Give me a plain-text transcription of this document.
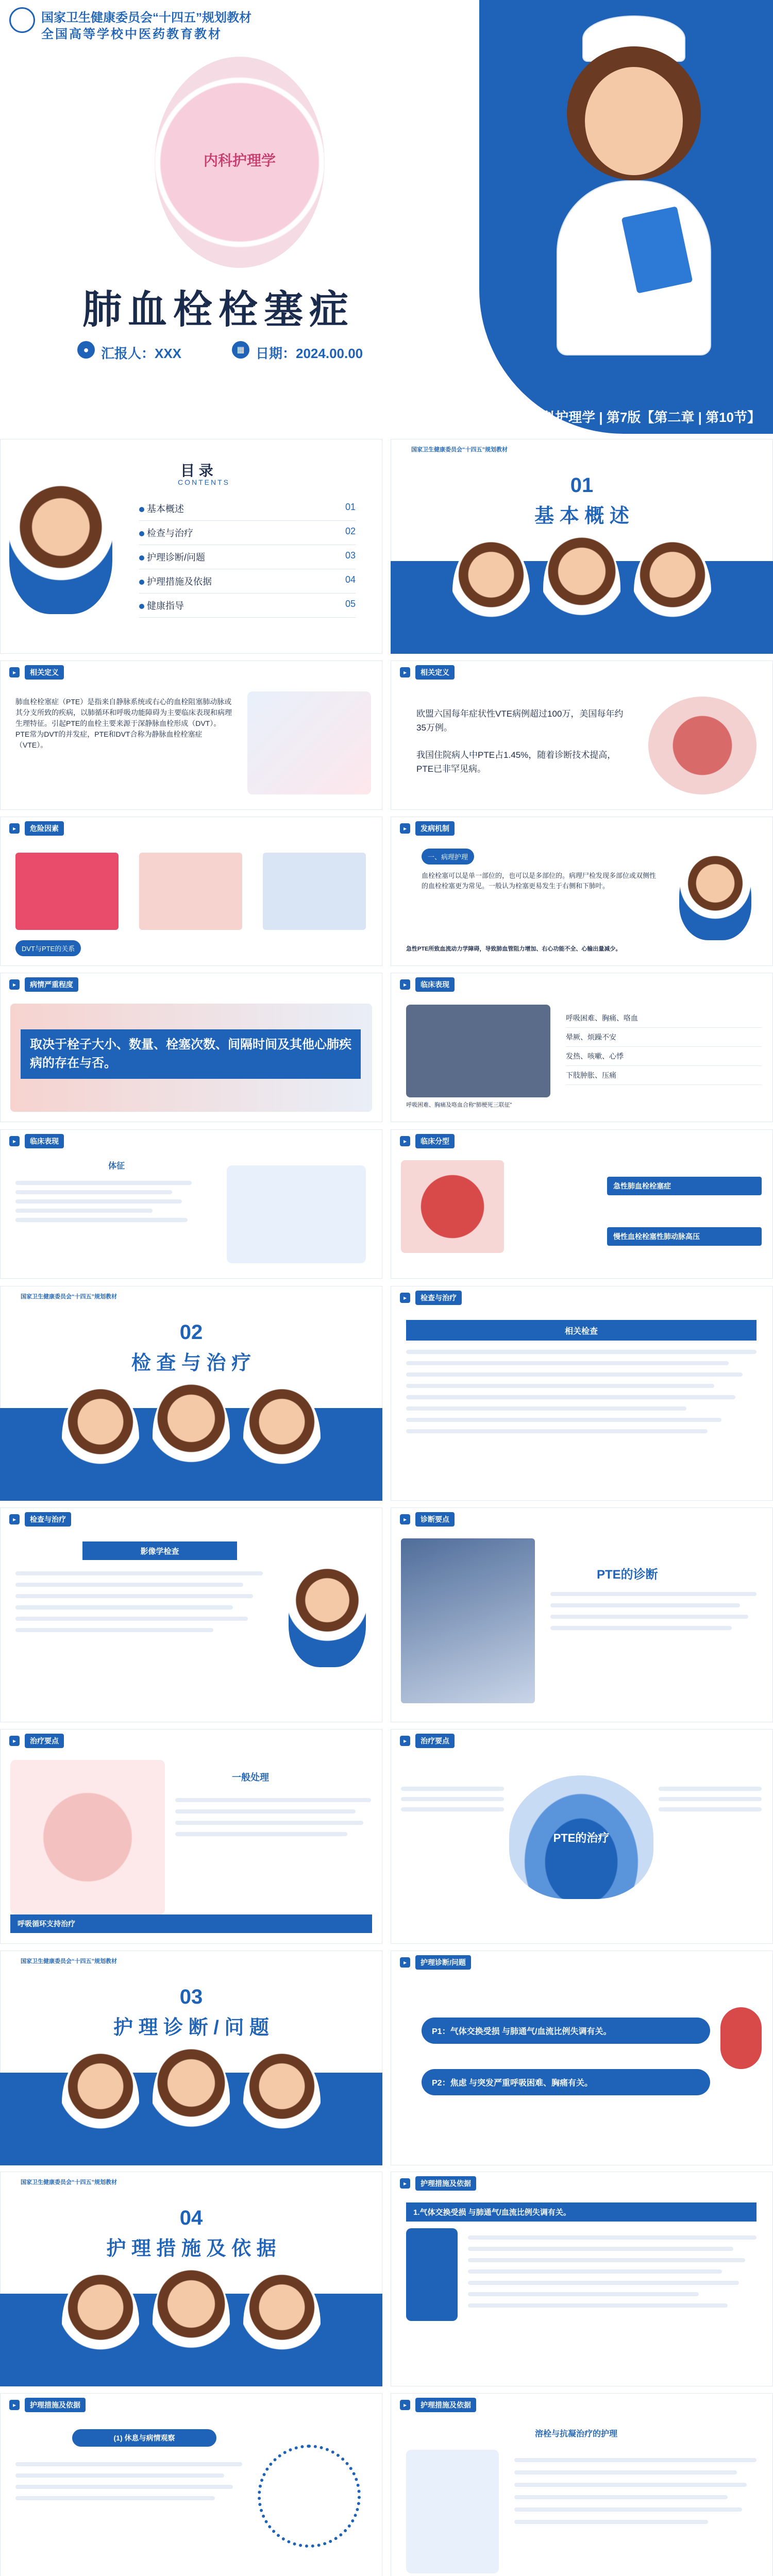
国家卫生健康委员会“十四五”规划教材
全国高等学校中医药教育教材
内科护理学
肺血栓栓塞症
● 汇报人：XXX	▦ 日期：2024.00.00
内科护理学 | 第7版【第二章 | 第10节】
目 录
CONTENTS
基本概述	01
检查与治疗	02
护理诊断/问题	03
护理措施及依据	04
健康指导	05
国家卫生健康委员会“十四五”规划教材
01
基 本 概 述
▸	相关定义
肺血栓栓塞症（PTE）是指来自静脉系统或右心的血栓阻塞肺动脉或其分支所致的疾病，以肺循环和呼吸功能障碍为主要临床表现和病理生理特征。引起PTE的血栓主要来源于深静脉血栓形成（DVT）。PTE常为DVT的并发症，PTE和DVT合称为静脉血栓栓塞症（VTE）。
▸	相关定义
欧盟六国每年症状性VTE病例超过100万，美国每年约35万例。
我国住院病人中PTE占1.45%，随着诊断技术提高，PTE已非罕见病。
▸	危险因素
DVT与PTE的关系
▸	发病机制
一、病理护理
血栓栓塞可以是单一部位的，也可以是多部位的。病理尸检发现多部位或双侧性的血栓栓塞更为常见。一般认为栓塞更易发生于右侧和下肺叶。
急性PTE所致血流动力学障碍，导致肺血管阻力增加、右心功能不全、心输出量减少。
▸	病情严重程度
取决于栓子大小、数量、栓塞次数、间隔时间及其他心肺疾病的存在与否。
▸	临床表现
呼吸困难、胸痛、咯血
晕厥、烦躁不安
发热、咳嗽、心悸
下肢肿胀、压痛
呼吸困难、胸痛及咯血合称“肺梗死三联征”
▸	临床表现
体征
▸	临床分型
急性肺血栓栓塞症
慢性血栓栓塞性肺动脉高压
国家卫生健康委员会“十四五”规划教材
02
检 查 与 治 疗
▸	检查与治疗
相关检查
▸	检查与治疗
影像学检查
▸	诊断要点
PTE的诊断
▸	治疗要点
一般处理
呼吸循环支持治疗
▸	治疗要点
PTE的治疗
国家卫生健康委员会“十四五”规划教材
03
护 理 诊 断 / 问 题
▸	护理诊断/问题
P1：气体交换受损 与肺通气/血流比例失调有关。
P2：焦虑 与突发严重呼吸困难、胸痛有关。
国家卫生健康委员会“十四五”规划教材
04
护 理 措 施 及 依 据
▸	护理措施及依据
1.气体交换受损 与肺通气/血流比例失调有关。
▸	护理措施及依据
(1) 休息与病情观察
▸	护理措施及依据
溶栓与抗凝治疗的护理
